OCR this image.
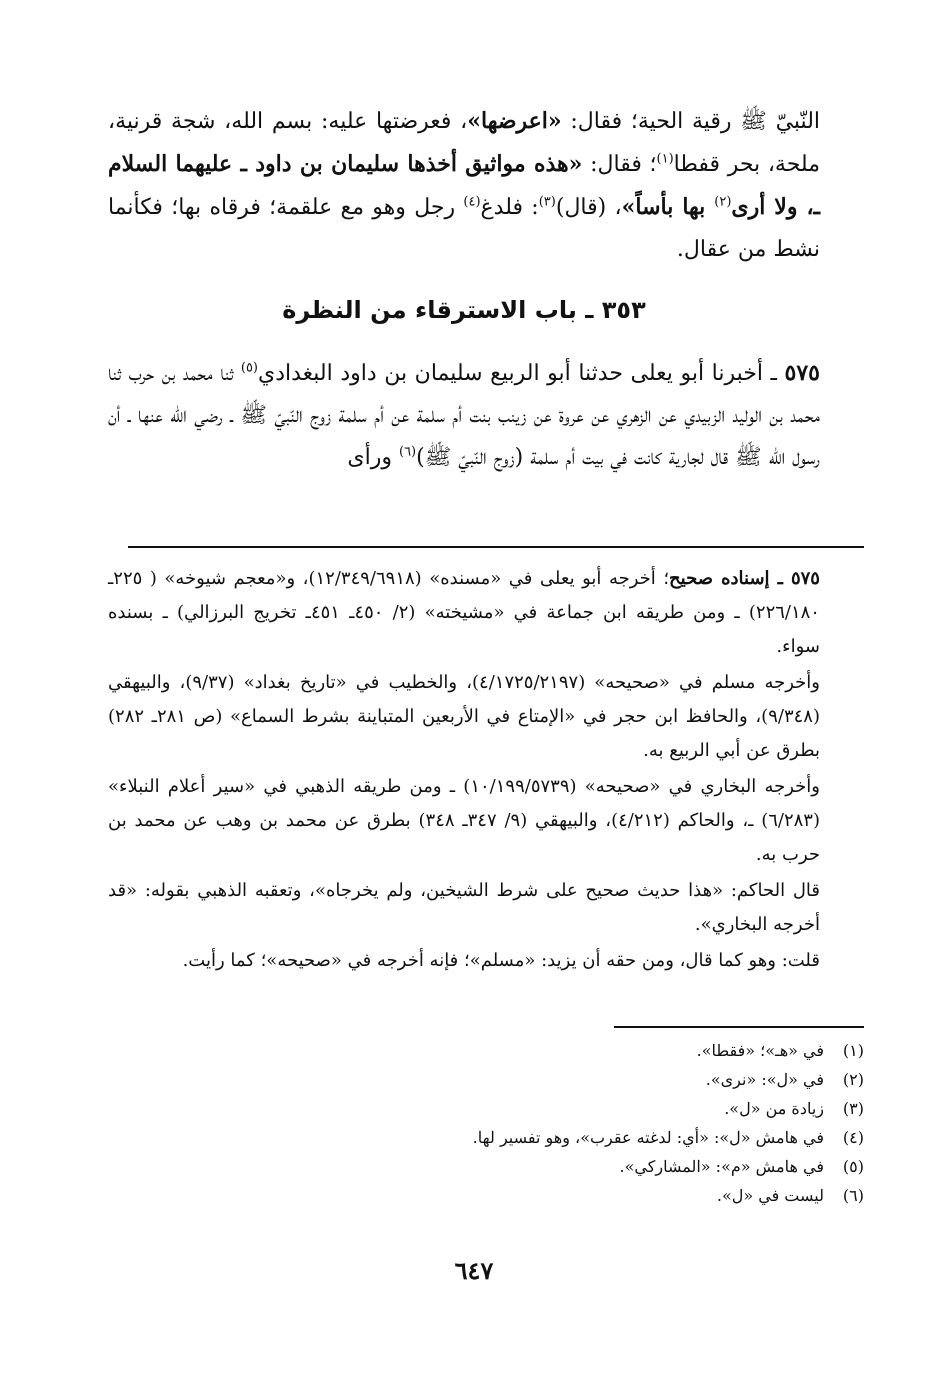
النّبيّ ﷺ رقية الحية؛ فقال: «اعرضها»، فعرضتها عليه: بسم الله، شجة قرنية، ملحة، بحر قفطا$^{(١)}$؛ فقال: «هذه مواثيق أخذها سليمان بن داود ـ عليهما السلام ـ، ولا أرى$^{(٢)}$ بها بأساً»، (قال)$^{(٣)}$: فلدغ$^{(٤)}$ رجل وهو مع علقمة؛ فرقاه بها؛ فكأنما نشط من عقال.

٣٥٣ ـ باب الاسترقاء من النظرة

٥٧٥ ـ أخبرنا أبو يعلى حدثنا أبو الربيع سليمان بن داود البغدادي$^{(٥)}$ ثنا محمد بن حرب ثنا محمد بن الوليد الزبيدي عن الزهري عن عروة عن زينب بنت أم سلمة عن أم سلمة زوج النّبيّ ﷺ ـ رضي الله عنها ـ أن رسول الله ﷺ قال لجارية كانت في بيت أم سلمة (زوج النّبيّ ﷺ)$^{(٦)}$ ورأى

٥٧٥ ـ إسناده صحيح؛ أخرجه أبو يعلى في «مسنده» (١٢/٣٤٩/٦٩١٨)، و«معجم شيوخه» ( ٢٢٥ـ ٢٢٦/١٨٠) ـ ومن طريقه ابن جماعة في «مشيخته» (٢/ ٤٥٠ـ ٤٥١ـ تخريج البرزالي) ـ بسنده سواء.

وأخرجه مسلم في «صحيحه» (٤/١٧٢٥/٢١٩٧)، والخطيب في «تاريخ بغداد» (٩/٣٧)، والبيهقي (٩/٣٤٨)، والحافظ ابن حجر في «الإمتاع في الأربعين المتباينة بشرط السماع» (ص ٢٨١ـ ٢٨٢) بطرق عن أبي الربيع به.

وأخرجه البخاري في «صحيحه» (١٠/١٩٩/٥٧٣٩) ـ ومن طريقه الذهبي في «سير أعلام النبلاء» (٦/٢٨٣) ـ، والحاكم (٤/٢١٢)، والبيهقي (٩/ ٣٤٧ـ ٣٤٨) بطرق عن محمد بن وهب عن محمد بن حرب به.

قال الحاكم: «هذا حديث صحيح على شرط الشيخين، ولم يخرجاه»، وتعقبه الذهبي بقوله: «قد أخرجه البخاري».

قلت: وهو كما قال، ومن حقه أن يزيد: «مسلم»؛ فإنه أخرجه في «صحيحه»؛ كما رأيت.

(١)
في «هـ»؛ «فقطا».
(٢)
في «ل»: «نرى».
(٣)
زيادة من «ل».
(٤)
في هامش «ل»: «أي: لدغته عقرب»، وهو تفسير لها.
(٥)
في هامش «م»: «المشاركي».
(٦)
ليست في «ل».
٦٤٧
